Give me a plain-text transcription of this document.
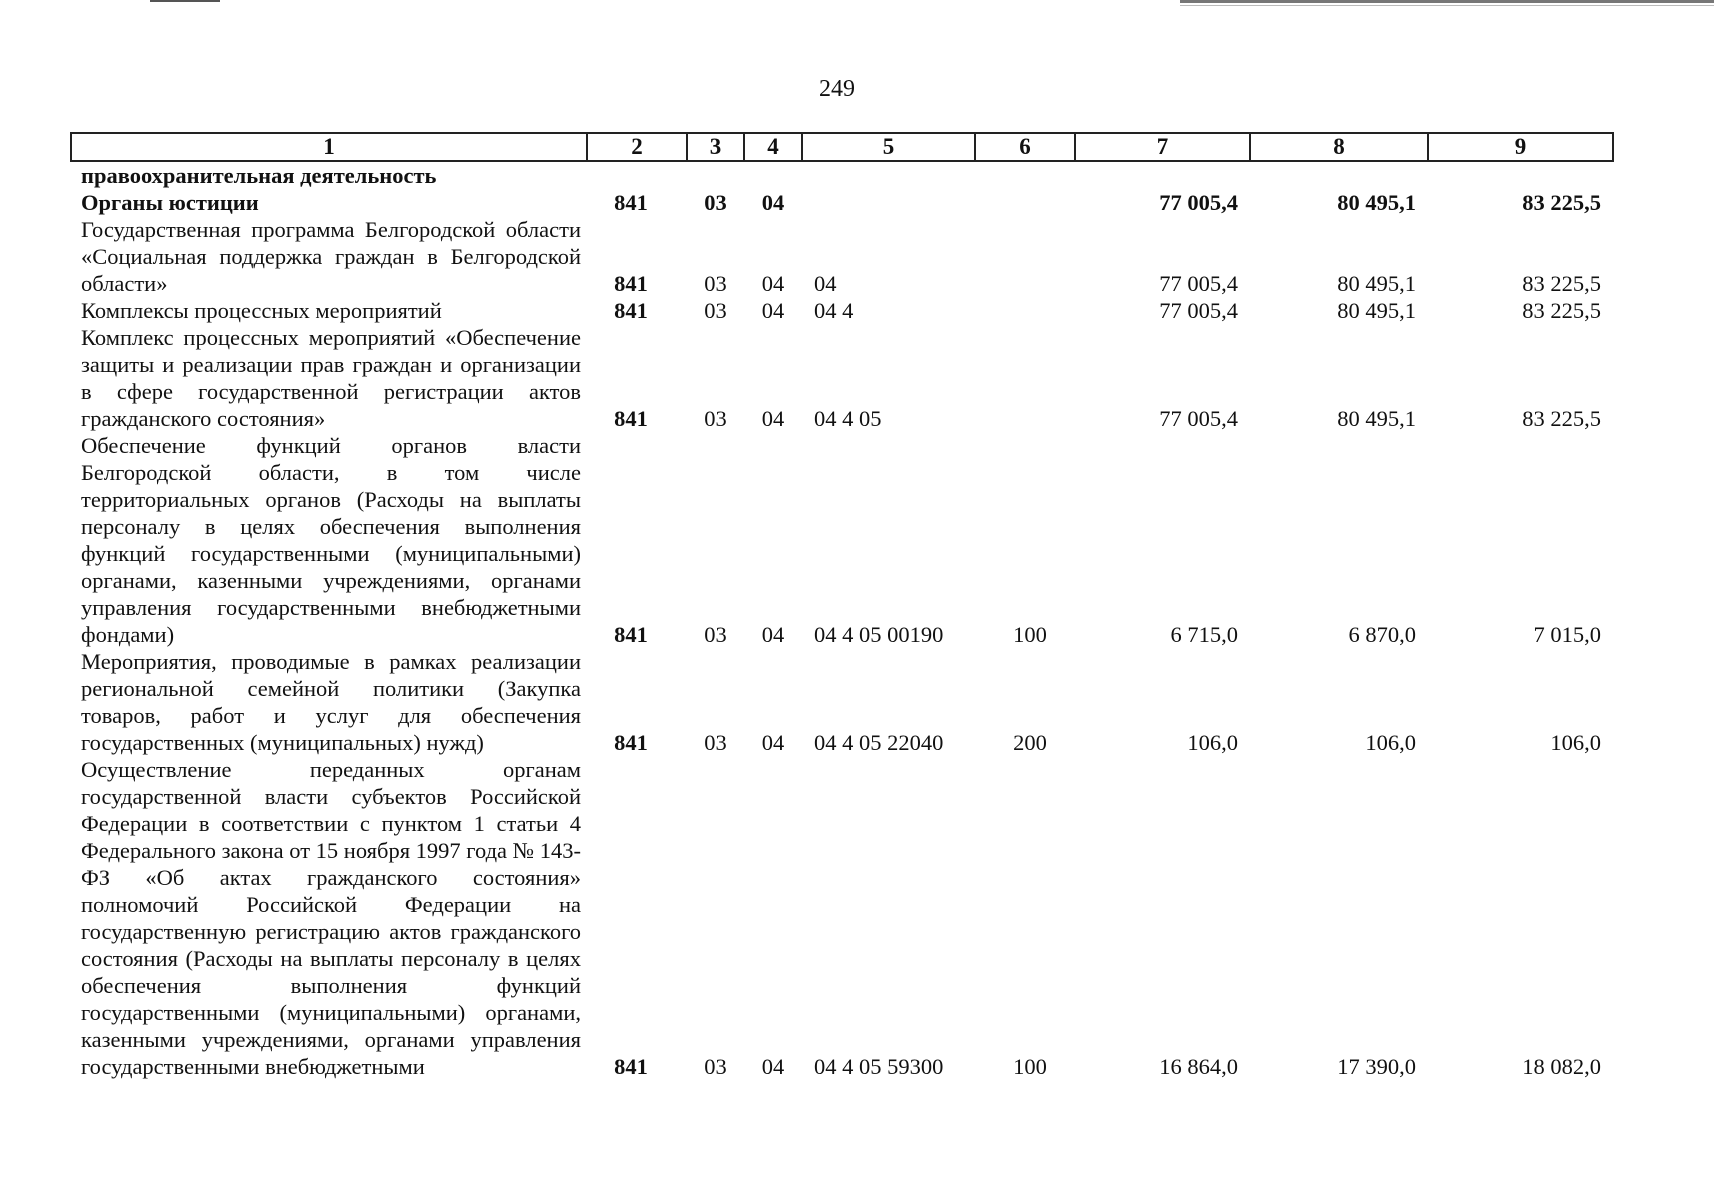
249
1	2	3	4	5	6	7	8	9
правоохранительная деятельность								
Органы юстиции	841	03	04			77 005,4	80 495,1	83 225,5
Государственная программа Белгородской области «Социальная поддержка граждан в Белгородской области»	841	03	04	04		77 005,4	80 495,1	83 225,5
Комплексы процессных мероприятий	841	03	04	04 4		77 005,4	80 495,1	83 225,5
Комплекс процессных мероприятий «Обеспечение защиты и реализации прав граждан и организации в сфере государственной регистрации актов гражданского состояния»	841	03	04	04 4 05		77 005,4	80 495,1	83 225,5
Обеспечение функций органов власти Белгородской области, в том числе территориальных органов (Расходы на выплаты персоналу в целях обеспечения выполнения функций государственными (муниципальными) органами, казенными учреждениями, органами управления государственными внебюджетными фондами)	841	03	04	04 4 05 00190	100	6 715,0	6 870,0	7 015,0
Мероприятия, проводимые в рамках реализации региональной семейной политики (Закупка товаров, работ и услуг для обеспечения государственных (муниципальных) нужд)	841	03	04	04 4 05 22040	200	106,0	106,0	106,0
Осуществление переданных органам государственной власти субъектов Российской Федерации в соответствии с пунктом 1 статьи 4 Федерального закона от 15 ноября 1997 года № 143-ФЗ «Об актах гражданского состояния» полномочий Российской Федерации на государственную регистрацию актов гражданского состояния (Расходы на выплаты персоналу в целях обеспечения выполнения функций государственными (муниципальными) органами, казенными учреждениями, органами управления государственными внебюджетными	841	03	04	04 4 05 59300	100	16 864,0	17 390,0	18 082,0
